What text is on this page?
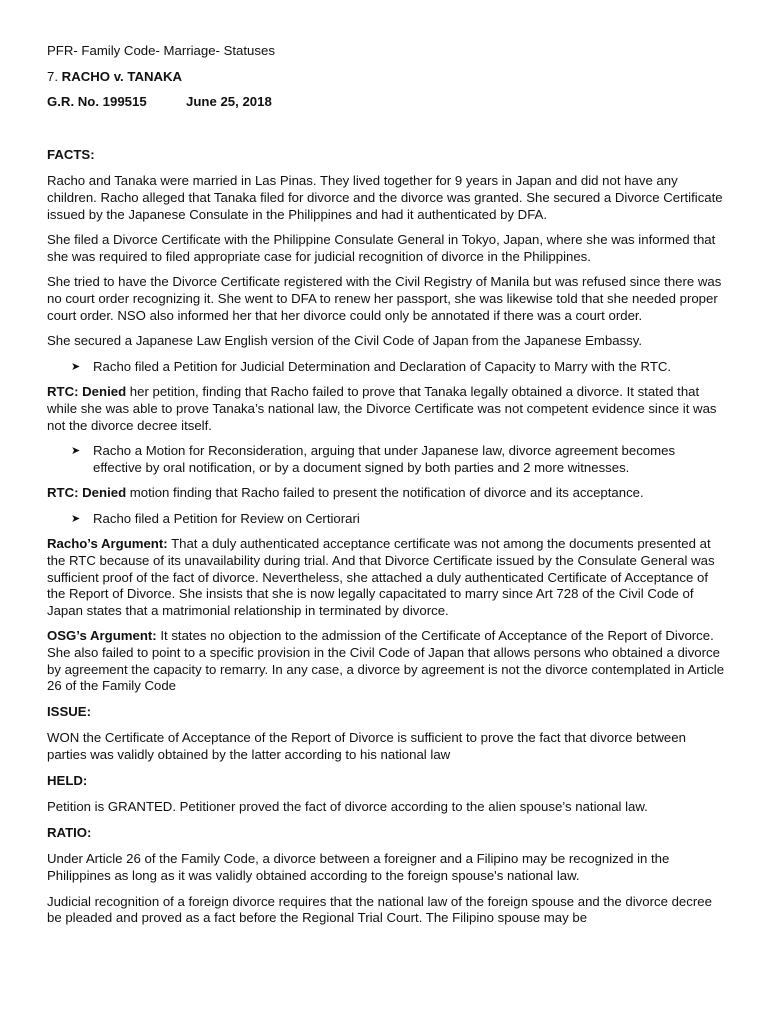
PFR- Family Code- Marriage- Statuses

7. RACHO v. TANAKA

G.R. No. 199515	June 25, 2018

FACTS:

Racho and Tanaka were married in Las Pinas. They lived together for 9 years in Japan and did not have any children. Racho alleged that Tanaka filed for divorce and the divorce was granted. She secured a Divorce Certificate issued by the Japanese Consulate in the Philippines and had it authenticated by DFA.

She filed a Divorce Certificate with the Philippine Consulate General in Tokyo, Japan, where she was informed that she was required to filed appropriate case for judicial recognition of divorce in the Philippines.

She tried to have the Divorce Certificate registered with the Civil Registry of Manila but was refused since there was no court order recognizing it. She went to DFA to renew her passport, she was likewise told that she needed proper court order. NSO also informed her that her divorce could only be annotated if there was a court order.

She secured a Japanese Law English version of the Civil Code of Japan from the Japanese Embassy.

➤ Racho filed a Petition for Judicial Determination and Declaration of Capacity to Marry with the RTC.

RTC: Denied her petition, finding that Racho failed to prove that Tanaka legally obtained a divorce. It stated that while she was able to prove Tanaka’s national law, the Divorce Certificate was not competent evidence since it was not the divorce decree itself.

➤ Racho a Motion for Reconsideration, arguing that under Japanese law, divorce agreement becomes effective by oral notification, or by a document signed by both parties and 2 more witnesses.

RTC: Denied motion finding that Racho failed to present the notification of divorce and its acceptance.

➤ Racho filed a Petition for Review on Certiorari

Racho’s Argument: That a duly authenticated acceptance certificate was not among the documents presented at the RTC because of its unavailability during trial. And that Divorce Certificate issued by the Consulate General was sufficient proof of the fact of divorce. Nevertheless, she attached a duly authenticated Certificate of Acceptance of the Report of Divorce. She insists that she is now legally capacitated to marry since Art 728 of the Civil Code of Japan states that a matrimonial relationship in terminated by divorce.

OSG’s Argument: It states no objection to the admission of the Certificate of Acceptance of the Report of Divorce. She also failed to point to a specific provision in the Civil Code of Japan that allows persons who obtained a divorce by agreement the capacity to remarry. In any case, a divorce by agreement is not the divorce contemplated in Article 26 of the Family Code

ISSUE:

WON the Certificate of Acceptance of the Report of Divorce is sufficient to prove the fact that divorce between parties was validly obtained by the latter according to his national law

HELD:

Petition is GRANTED. Petitioner proved the fact of divorce according to the alien spouse’s national law.

RATIO:

Under Article 26 of the Family Code, a divorce between a foreigner and a Filipino may be recognized in the Philippines as long as it was validly obtained according to the foreign spouse's national law.

Judicial recognition of a foreign divorce requires that the national law of the foreign spouse and the divorce decree be pleaded and proved as a fact before the Regional Trial Court. The Filipino spouse may be
